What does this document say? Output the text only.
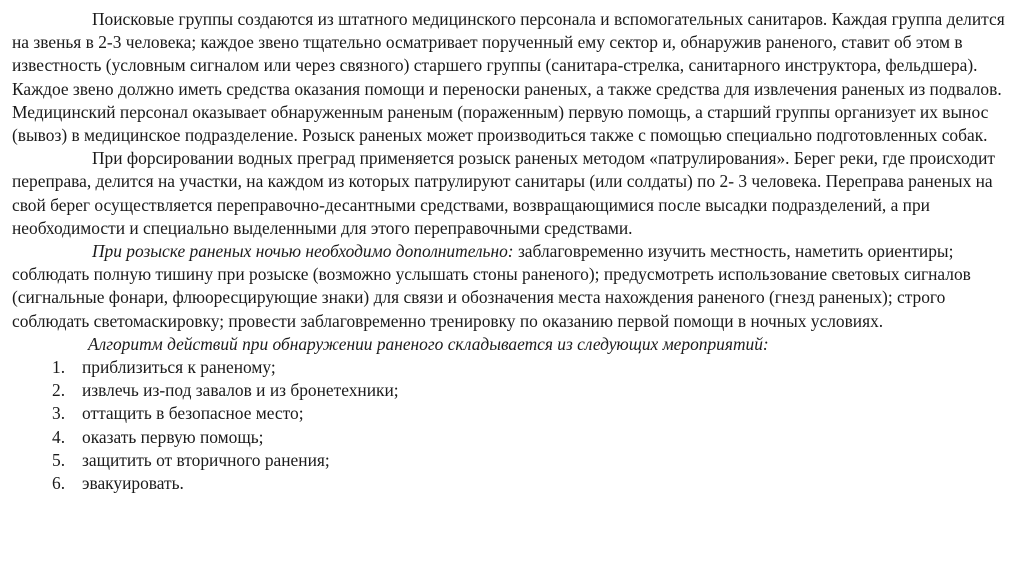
Поисковые группы создаются из штатного медицинского персонала и вспомогательных санитаров. Каждая группа делится на звенья в 2-3 человека; каждое звено тщательно осматривает порученный ему сектор и, обнаружив раненого, ставит об этом в известность (условным сигналом или через связного) старшего группы (санитара-стрелка, санитарного инструктора, фельдшера). Каждое звено должно иметь средства оказания помощи и переноски раненых, а также средства для извлечения раненых из подвалов. Медицинский персонал оказывает обнаруженным раненым (пораженным) первую помощь, а старший группы организует их вынос (вывоз) в медицинское подразделение. Розыск раненых может производиться также с помощью специально подготовленных собак.

При форсировании водных преград применяется розыск раненых методом «патрулирования». Берег реки, где происходит переправа, делится на участки, на каждом из которых патрулируют санитары (или солдаты) по 2- 3 человека. Переправа раненых на свой берег осуществляется переправочно-десантными средствами, возвращающимися после высадки подразделений, а при необходимости и специально выделенными для этого переправочными средствами.

При розыске раненых ночью необходимо дополнительно: заблаговременно изучить местность, наметить ориентиры; соблюдать полную тишину при розыске (возможно услышать стоны раненого); предусмотреть использование световых сигналов (сигнальные фонари, флюоресцирующие знаки) для связи и обозначения места нахождения раненого (гнезд раненых); строго соблюдать светомаскировку; провести заблаговременно тренировку по оказанию первой помощи в ночных условиях.

Алгоритм действий при обнаружении раненого складывается из следующих мероприятий:

1. приблизиться к раненому;
2. извлечь из-под завалов и из бронетехники;
3. оттащить в безопасное место;
4. оказать первую помощь;
5. защитить от вторичного ранения;
6. эвакуировать.
